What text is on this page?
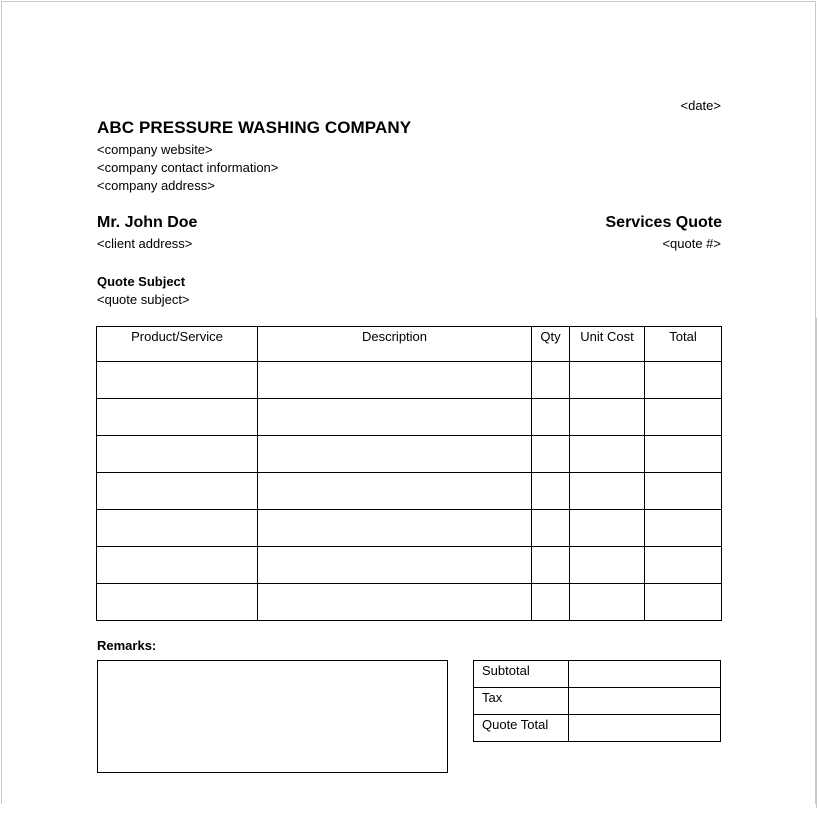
<date>
ABC PRESSURE WASHING COMPANY
<company website>
<company contact information>
<company address>
Mr. John Doe
<client address>
Services Quote
<quote #>
Quote Subject
<quote subject>
Product/Service	Description	Qty	Unit Cost	Total

Remarks:
Subtotal	
Tax	
Quote Total	
